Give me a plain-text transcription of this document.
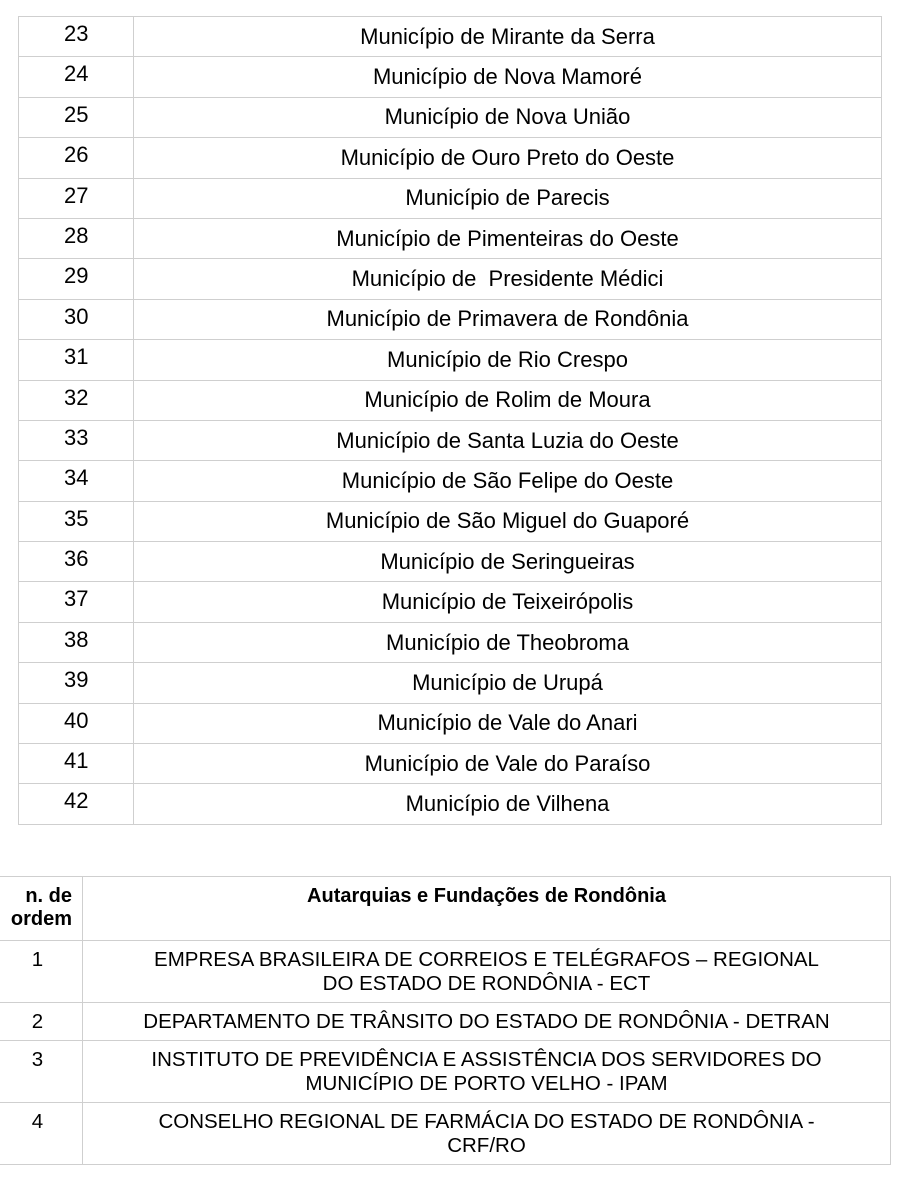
23	Município de Mirante da Serra
24	Município de Nova Mamoré
25	Município de Nova União
26	Município de Ouro Preto do Oeste
27	Município de Parecis
28	Município de Pimenteiras do Oeste
29	Município de  Presidente Médici
30	Município de Primavera de Rondônia
31	Município de Rio Crespo
32	Município de Rolim de Moura
33	Município de Santa Luzia do Oeste
34	Município de São Felipe do Oeste
35	Município de São Miguel do Guaporé
36	Município de Seringueiras
37	Município de Teixeirópolis
38	Município de Theobroma
39	Município de Urupá
40	Município de Vale do Anari
41	Município de Vale do Paraíso
42	Município de Vilhena
n. de
ordem	Autarquias e Fundações de Rondônia
1	EMPRESA BRASILEIRA DE CORREIOS E TELÉGRAFOS – REGIONAL
DO ESTADO DE RONDÔNIA - ECT

2	DEPARTAMENTO DE TRÂNSITO DO ESTADO DE RONDÔNIA - DETRAN

3	INSTITUTO DE PREVIDÊNCIA E ASSISTÊNCIA DOS SERVIDORES DO
MUNICÍPIO DE PORTO VELHO - IPAM

4	CONSELHO REGIONAL DE FARMÁCIA DO ESTADO DE RONDÔNIA -
CRF/RO
